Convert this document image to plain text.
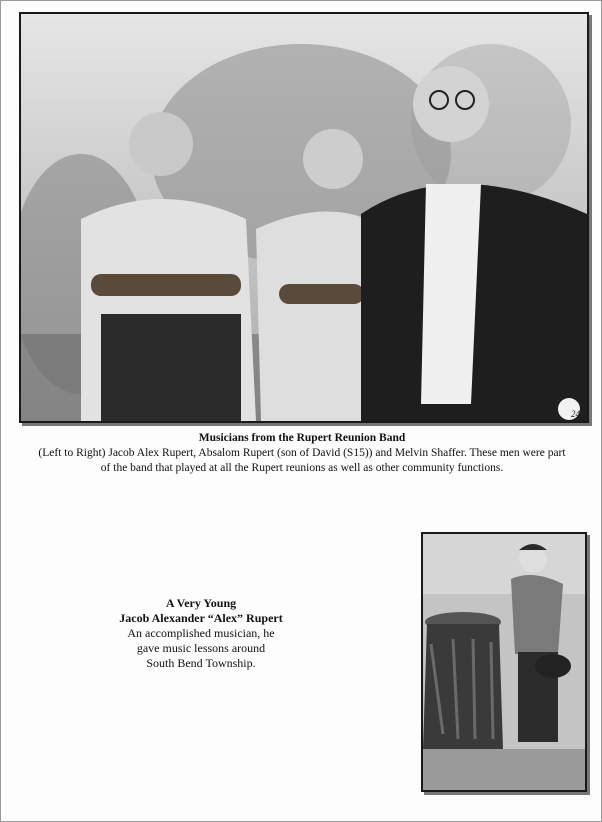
24
Musicians from the Rupert Reunion Band
(Left to Right) Jacob Alex Rupert, Absalom Rupert (son of David (S15)) and Melvin Shaffer. These men were part
of the band that played at all the Rupert reunions as well as other community functions.
A Very Young
Jacob Alexander “Alex” Rupert
An accomplished musician, he
gave music lessons around
South Bend Township.
